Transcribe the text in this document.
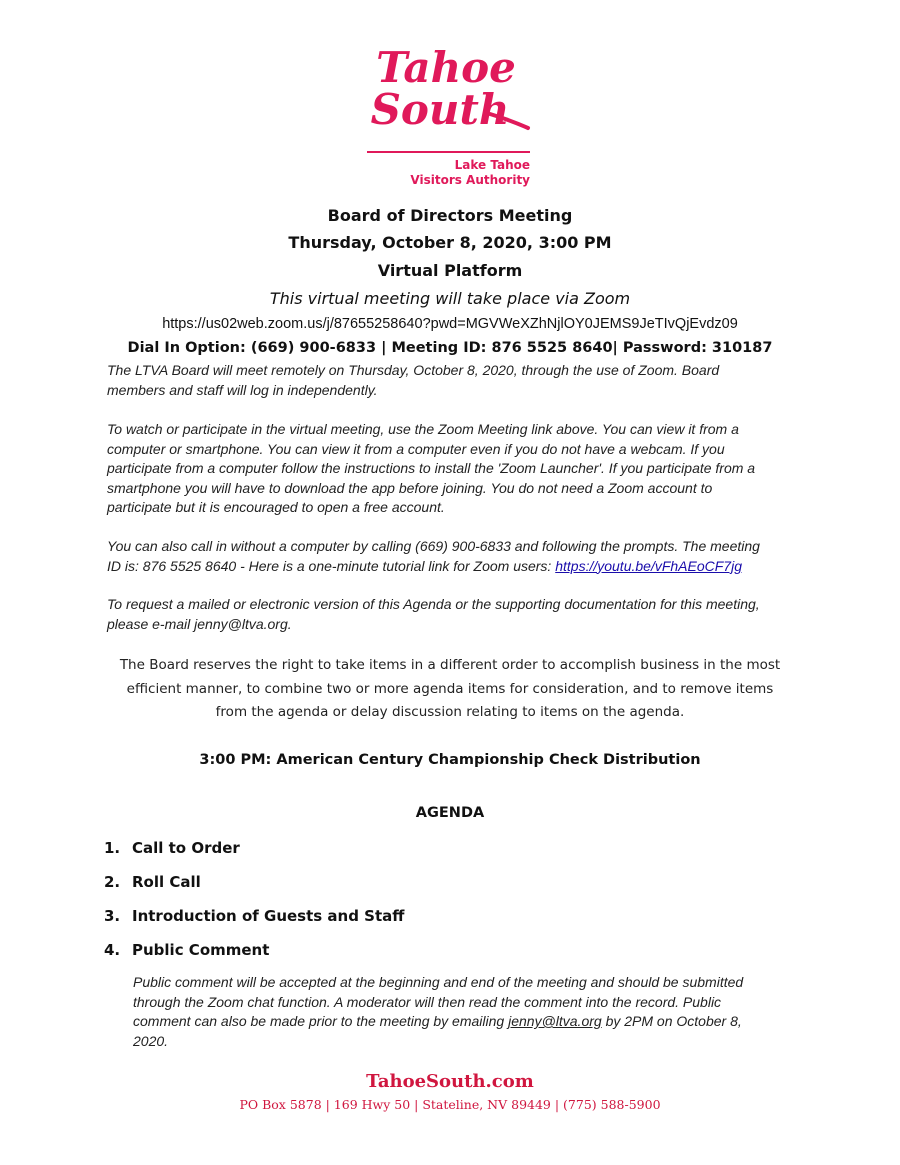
Tahoe
South
Lake Tahoe
Visitors Authority
Board of Directors Meeting
Thursday, October 8, 2020, 3:00 PM
Virtual Platform
This virtual meeting will take place via Zoom
https://us02web.zoom.us/j/87655258640?pwd=MGVWeXZhNjlOY0JEMS9JeTIvQjEvdz09
Dial In Option: (669) 900-6833 | Meeting ID: 876 5525 8640| Password: 310187
The LTVA Board will meet remotely on Thursday, October 8, 2020, through the use of Zoom. Board
members and staff will log in independently.
To watch or participate in the virtual meeting, use the Zoom Meeting link above. You can view it from a
computer or smartphone. You can view it from a computer even if you do not have a webcam. If you
participate from a computer follow the instructions to install the 'Zoom Launcher'. If you participate from a
smartphone you will have to download the app before joining. You do not need a Zoom account to
participate but it is encouraged to open a free account.
You can also call in without a computer by calling (669) 900-6833 and following the prompts. The meeting
ID is: 876 5525 8640 - Here is a one-minute tutorial link for Zoom users: https://youtu.be/vFhAEoCF7jg
To request a mailed or electronic version of this Agenda or the supporting documentation for this meeting,
please e-mail jenny@ltva.org.
The Board reserves the right to take items in a different order to accomplish business in the most
efficient manner, to combine two or more agenda items for consideration, and to remove items
from the agenda or delay discussion relating to items on the agenda.
3:00 PM: American Century Championship Check Distribution
AGENDA
1. Call to Order
2. Roll Call
3. Introduction of Guests and Staff
4. Public Comment
Public comment will be accepted at the beginning and end of the meeting and should be submitted
through the Zoom chat function. A moderator will then read the comment into the record. Public
comment can also be made prior to the meeting by emailing jenny@ltva.org by 2PM on October 8,
2020.
TahoeSouth.com
PO Box 5878 | 169 Hwy 50 | Stateline, NV 89449 | (775) 588-5900
